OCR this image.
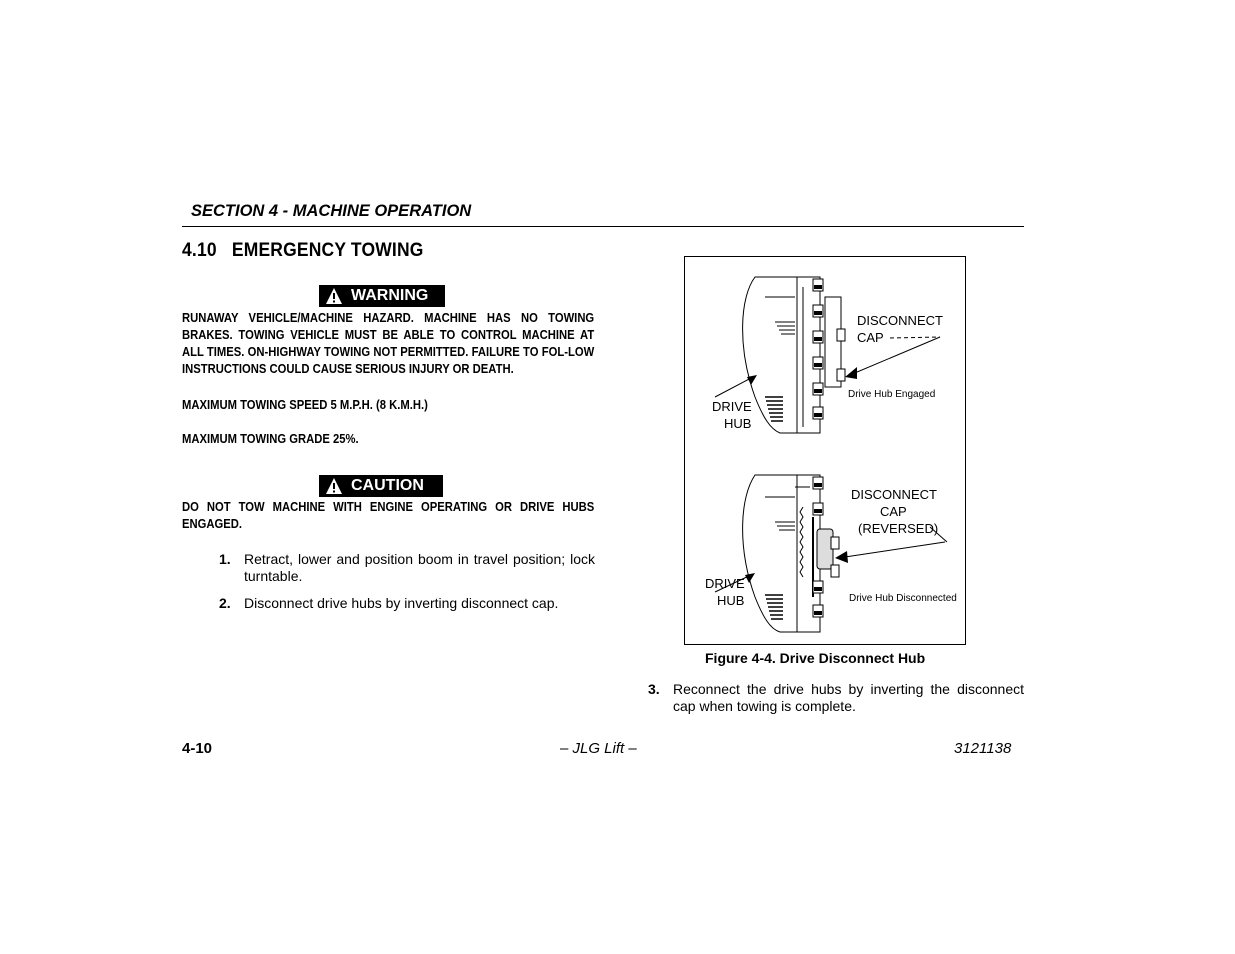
SECTION 4 - MACHINE OPERATION
4.10 EMERGENCY TOWING
WARNING
RUNAWAY VEHICLE/MACHINE HAZARD. MACHINE HAS NO TOWING BRAKES. TOWING VEHICLE MUST BE ABLE TO CONTROL MACHINE AT ALL TIMES. ON-HIGHWAY TOWING NOT PERMITTED. FAILURE TO FOL-LOW INSTRUCTIONS COULD CAUSE SERIOUS INJURY OR DEATH.
MAXIMUM TOWING SPEED 5 M.P.H. (8 K.M.H.)
MAXIMUM TOWING GRADE 25%.
CAUTION
DO NOT TOW MACHINE WITH ENGINE OPERATING OR DRIVE HUBS ENGAGED.
1. Retract, lower and position boom in travel position; lock turntable.
2. Disconnect drive hubs by inverting disconnect cap.
3. Reconnect the drive hubs by inverting the disconnect cap when towing is complete.
DISCONNECT
CAP
DRIVE
HUB
Drive Hub Engaged
DISCONNECT
CAP
(REVERSED)
DRIVE
HUB	Drive Hub Disconnected
Figure 4-4. Drive Disconnect Hub
4-10	– JLG Lift –	3121138
